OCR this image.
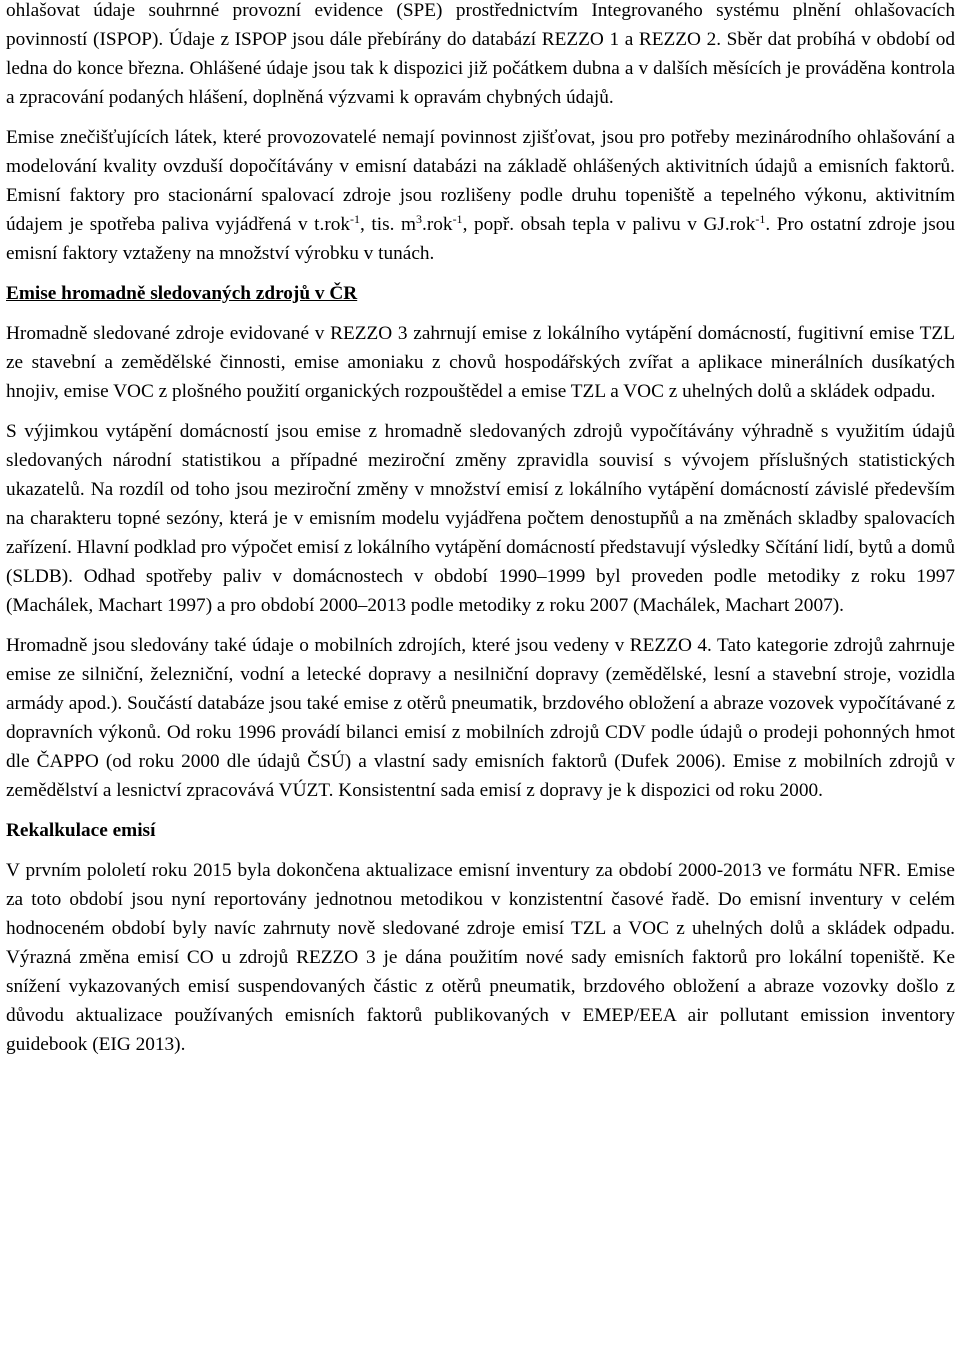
ohlašovat údaje souhrnné provozní evidence (SPE) prostřednictvím Integrovaného systému plnění ohlašovacích povinností (ISPOP). Údaje z ISPOP jsou dále přebírány do databází REZZO 1 a REZZO 2. Sběr dat probíhá v období od ledna do konce března. Ohlášené údaje jsou tak k dispozici již počátkem dubna a v dalších měsících je prováděna kontrola a zpracování podaných hlášení, doplněná výzvami k opravám chybných údajů.

Emise znečišťujících látek, které provozovatelé nemají povinnost zjišťovat, jsou pro potřeby mezinárodního ohlašování a modelování kvality ovzduší dopočítávány v emisní databázi na základě ohlášených aktivitních údajů a emisních faktorů. Emisní faktory pro stacionární spalovací zdroje jsou rozlišeny podle druhu topeniště a tepelného výkonu, aktivitním údajem je spotřeba paliva vyjádřená v t.rok$^{-1}$, tis. $m^3.rok^{-1}$, popř. obsah tepla v palivu v GJ.rok$^{-1}$. Pro ostatní zdroje jsou emisní faktory vztaženy na množství výrobku v tunách.

Emise hromadně sledovaných zdrojů v ČR

Hromadně sledované zdroje evidované v REZZO 3 zahrnují emise z lokálního vytápění domácností, fugitivní emise TZL ze stavební a zemědělské činnosti, emise amoniaku z chovů hospodářských zvířat a aplikace minerálních dusíkatých hnojiv, emise VOC z plošného použití organických rozpouštědel a emise TZL a VOC z uhelných dolů a skládek odpadu.

S výjimkou vytápění domácností jsou emise z hromadně sledovaných zdrojů vypočítávány výhradně s využitím údajů sledovaných národní statistikou a případné meziroční změny zpravidla souvisí s vývojem příslušných statistických ukazatelů. Na rozdíl od toho jsou meziroční změny v množství emisí z lokálního vytápění domácností závislé především na charakteru topné sezóny, která je v emisním modelu vyjádřena počtem denostupňů a na změnách skladby spalovacích zařízení. Hlavní podklad pro výpočet emisí z lokálního vytápění domácností představují výsledky Sčítání lidí, bytů a domů (SLDB). Odhad spotřeby paliv v domácnostech v období 1990–1999 byl proveden podle metodiky z roku 1997 (Machálek, Machart 1997) a pro období 2000–2013 podle metodiky z roku 2007 (Machálek, Machart 2007).

Hromadně jsou sledovány také údaje o mobilních zdrojích, které jsou vedeny v REZZO 4. Tato kategorie zdrojů zahrnuje emise ze silniční, železniční, vodní a letecké dopravy a nesilniční dopravy (zemědělské, lesní a stavební stroje, vozidla armády apod.). Součástí databáze jsou také emise z otěrů pneumatik, brzdového obložení a abraze vozovek vypočítávané z dopravních výkonů. Od roku 1996 provádí bilanci emisí z mobilních zdrojů CDV podle údajů o prodeji pohonných hmot dle ČAPPO (od roku 2000 dle údajů ČSÚ) a vlastní sady emisních faktorů (Dufek 2006). Emise z mobilních zdrojů v zemědělství a lesnictví zpracovává VÚZT. Konsistentní sada emisí z dopravy je k dispozici od roku 2000.

Rekalkulace emisí

V prvním pololetí roku 2015 byla dokončena aktualizace emisní inventury za období 2000-2013 ve formátu NFR. Emise za toto období jsou nyní reportovány jednotnou metodikou v konzistentní časové řadě. Do emisní inventury v celém hodnoceném období byly navíc zahrnuty nově sledované zdroje emisí TZL a VOC z uhelných dolů a skládek odpadu. Výrazná změna emisí CO u zdrojů REZZO 3 je dána použitím nové sady emisních faktorů pro lokální topeniště. Ke snížení vykazovaných emisí suspendovaných částic z otěrů pneumatik, brzdového obložení a abraze vozovky došlo z důvodu aktualizace používaných emisních faktorů publikovaných v EMEP/EEA air pollutant emission inventory guidebook (EIG 2013).
